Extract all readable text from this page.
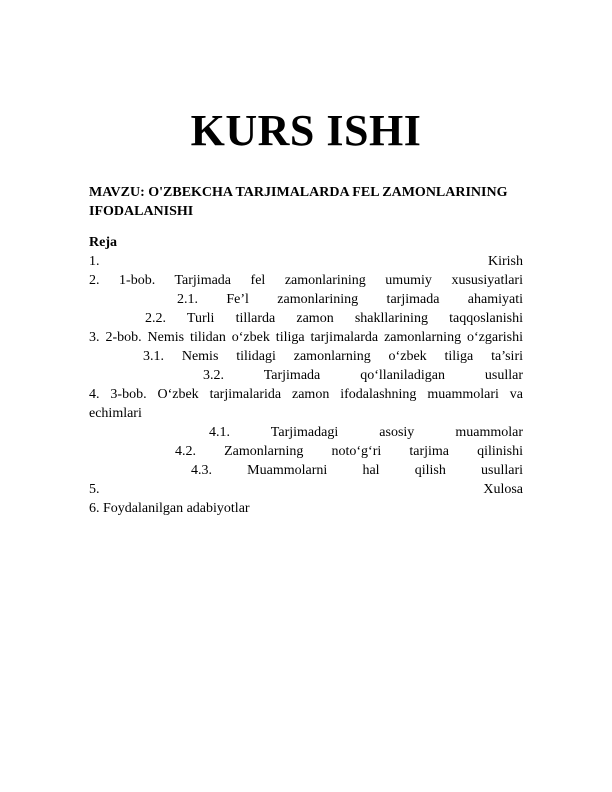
KURS ISHI
MAVZU: O'ZBEKCHA TARJIMALARDA FEL ZAMONLARINING IFODALANISHI
Reja
1. Kirish
2. 1-bob. Tarjimada fel zamonlarining umumiy xususiyatlari
2.1. Fe’l zamonlarining tarjimada ahamiyati
2.2. Turli tillarda zamon shakllarining taqqoslanishi
3. 2-bob. Nemis tilidan o‘zbek tiliga tarjimalarda zamonlarning o‘zgarishi
3.1. Nemis tilidagi zamonlarning o‘zbek tiliga ta’siri
3.2. Tarjimada qo‘llaniladigan usullar
4. 3-bob. O‘zbek tarjimalarida zamon ifodalashning muammolari va echimlari
4.1. Tarjimadagi asosiy muammolar
4.2. Zamonlarning noto‘g‘ri tarjima qilinishi
4.3. Muammolarni hal qilish usullari
5. Xulosa
6. Foydalanilgan adabiyotlar
